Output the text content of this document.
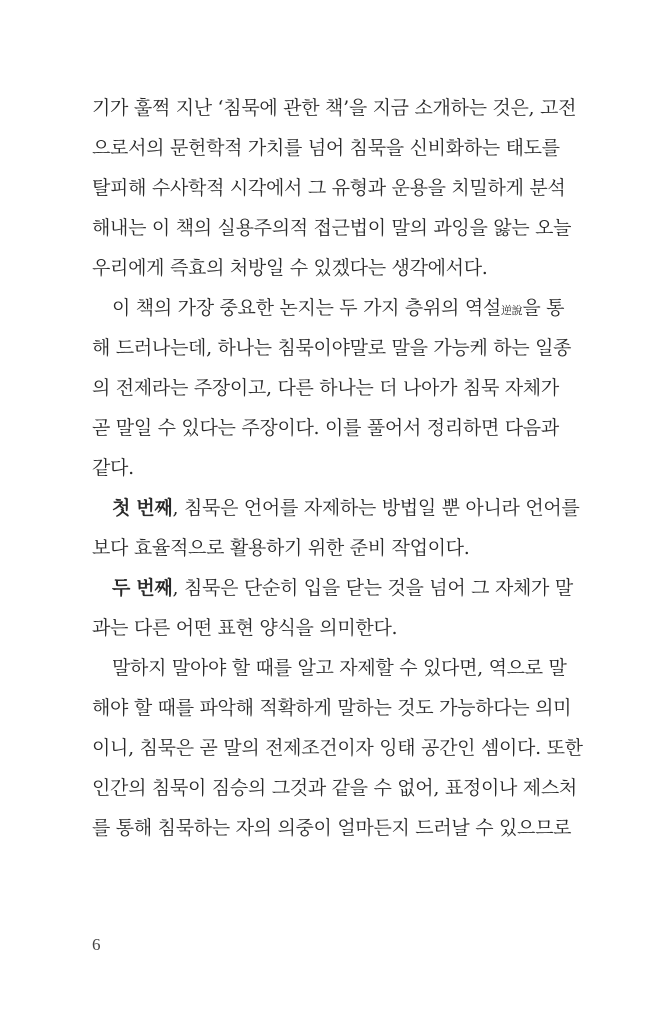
기가 훌쩍 지난 ‘침묵에 관한 책’을 지금 소개하는 것은, 고전
으로서의 문헌학적 가치를 넘어 침묵을 신비화하는 태도를
탈피해 수사학적 시각에서 그 유형과 운용을 치밀하게 분석
해내는 이 책의 실용주의적 접근법이 말의 과잉을 앓는 오늘
우리에게 즉효의 처방일 수 있겠다는 생각에서다.
이 책의 가장 중요한 논지는 두 가지 층위의 역설逆說을 통
해 드러나는데, 하나는 침묵이야말로 말을 가능케 하는 일종
의 전제라는 주장이고, 다른 하나는 더 나아가 침묵 자체가
곧 말일 수 있다는 주장이다. 이를 풀어서 정리하면 다음과
같다.
첫 번째, 침묵은 언어를 자제하는 방법일 뿐 아니라 언어를
보다 효율적으로 활용하기 위한 준비 작업이다.
두 번째, 침묵은 단순히 입을 닫는 것을 넘어 그 자체가 말
과는 다른 어떤 표현 양식을 의미한다.
말하지 말아야 할 때를 알고 자제할 수 있다면, 역으로 말
해야 할 때를 파악해 적확하게 말하는 것도 가능하다는 의미
이니, 침묵은 곧 말의 전제조건이자 잉태 공간인 셈이다. 또한
인간의 침묵이 짐승의 그것과 같을 수 없어, 표정이나 제스처
를 통해 침묵하는 자의 의중이 얼마든지 드러날 수 있으므로
6
